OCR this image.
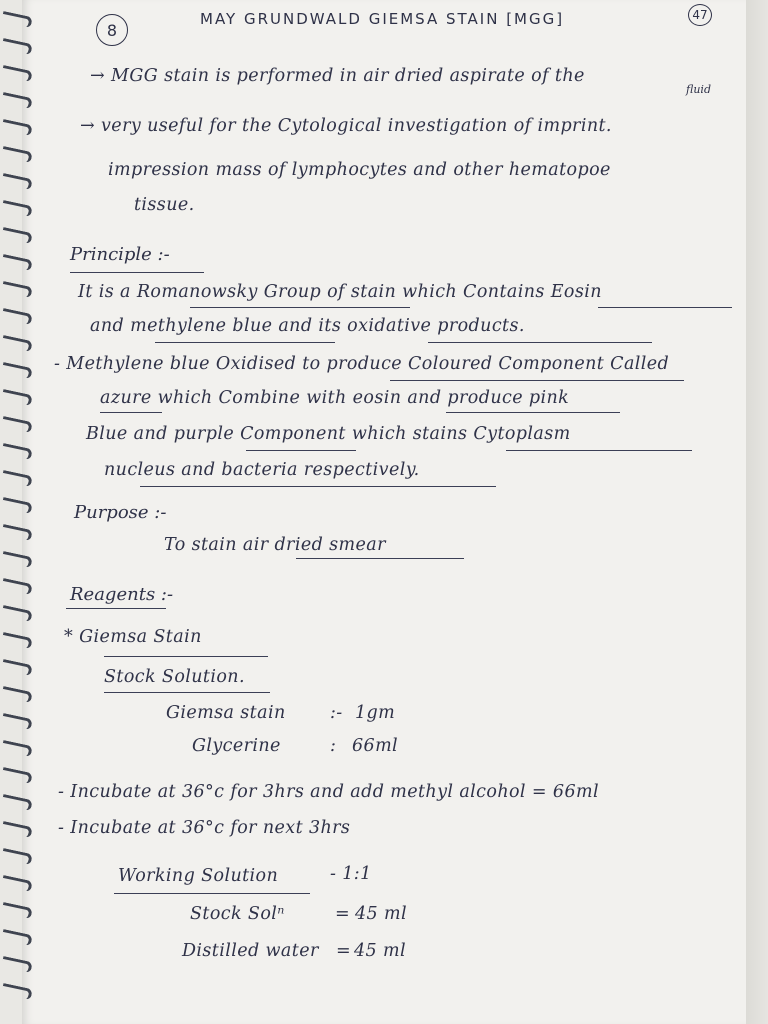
8
47
MAY GRUNDWALD GIEMSA STAIN [MGG]
→ MGG stain is performed in air dried aspirate of the
fluid
→ very useful for the Cytological investigation of imprint.
impression mass of lymphocytes and other hematopoe
tissue.
Principle :-
It is a Romanowsky Group of stain which Contains Eosin
and methylene blue and its oxidative products.
- Methylene blue Oxidised to produce Coloured Component Called
azure which Combine with eosin and produce pink
Blue and purple Component which stains Cytoplasm
nucleus and bacteria respectively.
Purpose :-
To stain air dried smear
Reagents :-
* Giemsa Stain
Stock Solution.
Giemsa stain	:- 1gm
Glycerine	: 66ml
- Incubate at 36°c for 3hrs and add methyl alcohol = 66ml
- Incubate at 36°c for next 3hrs
Working Solution	- 1:1
Stock Solⁿ	= 45 ml
Distilled water = 45 ml
